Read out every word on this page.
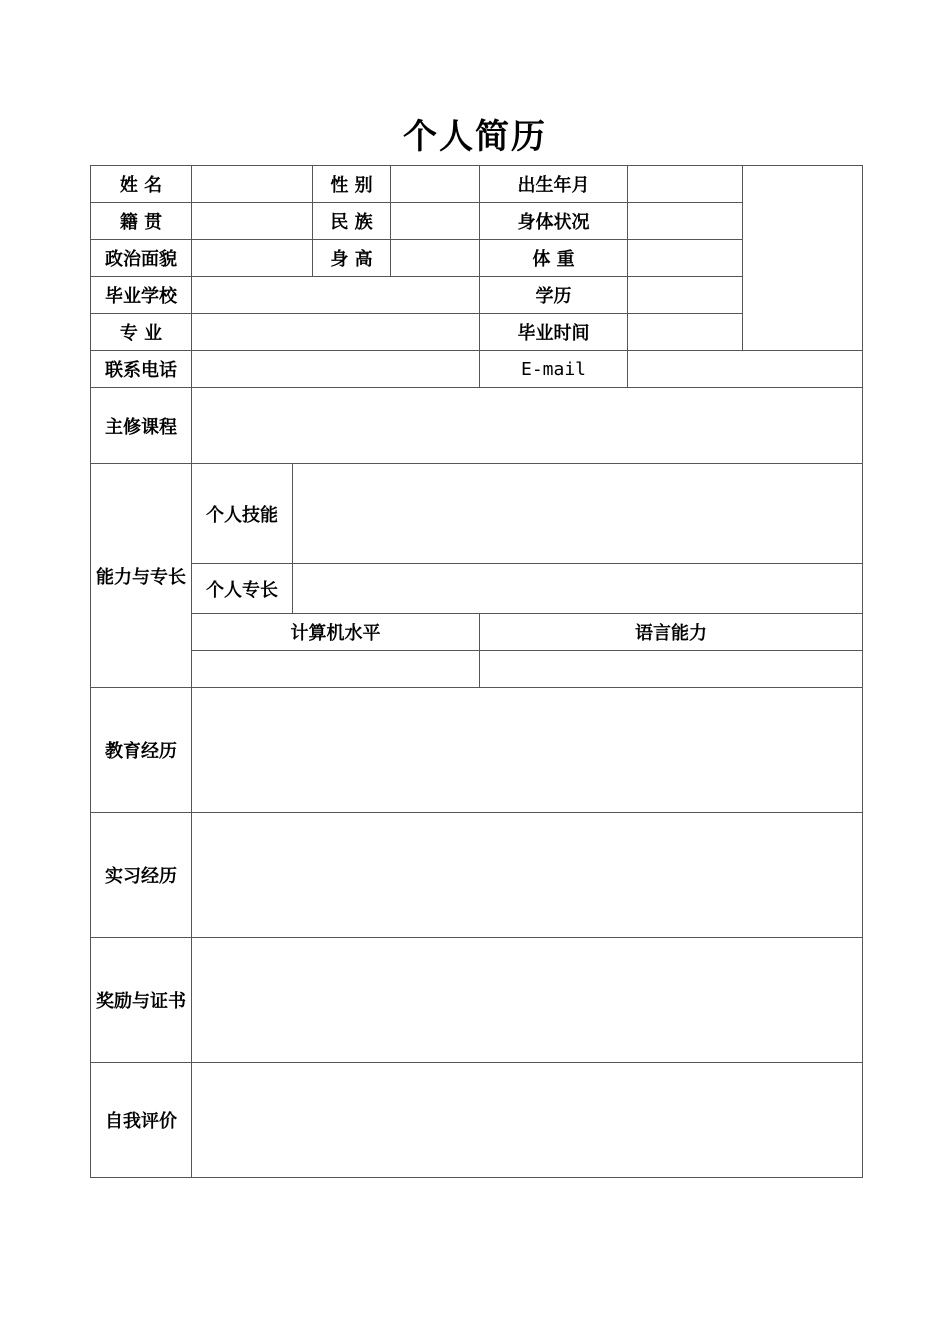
个人简历
姓 名			性 别		出生年月		
籍 贯			民 族		身体状况		
政治面貌			身 高		体 重		
毕业学校					学历		
专 业					毕业时间		
联系电话					E-mail		
主修课程							
能力与专长	个人技能						
	个人专长						
	计算机水平				语言能力		

教育经历							
实习经历							
奖励与证书							
自我评价							
